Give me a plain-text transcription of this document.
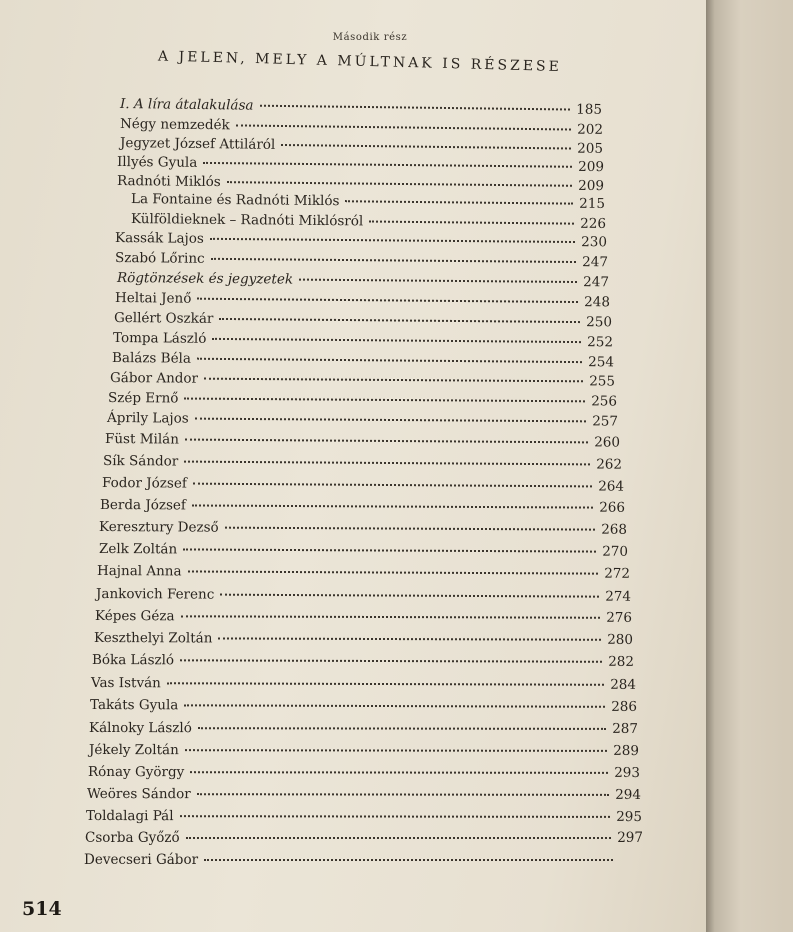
Második rész
A JELEN, MELY A MÚLTNAK IS RÉSZESE
I. A líra átalakulása	185
Négy nemzedék	202
Jegyzet József Attiláról	205
Illyés Gyula	209
Radnóti Miklós	209
La Fontaine és Radnóti Miklós	215
Külföldieknek – Radnóti Miklósról	226
Kassák Lajos	230
Szabó Lőrinc	247
Rögtönzések és jegyzetek	247
Heltai Jenő	248
Gellért Oszkár	250
Tompa László	252
Balázs Béla	254
Gábor Andor	255
Szép Ernő	256
Áprily Lajos	257
Füst Milán	260
Sík Sándor	262
Fodor József	264
Berda József	266
Keresztury Dezső	268
Zelk Zoltán	270
Hajnal Anna	272
Jankovich Ferenc	274
Képes Géza	276
Keszthelyi Zoltán	280
Bóka László	282
Vas István	284
Takáts Gyula	286
Kálnoky László	287
Jékely Zoltán	289
Rónay György	293
Weöres Sándor	294
Toldalagi Pál	295
Csorba Győző	297
Devecseri Gábor
514
